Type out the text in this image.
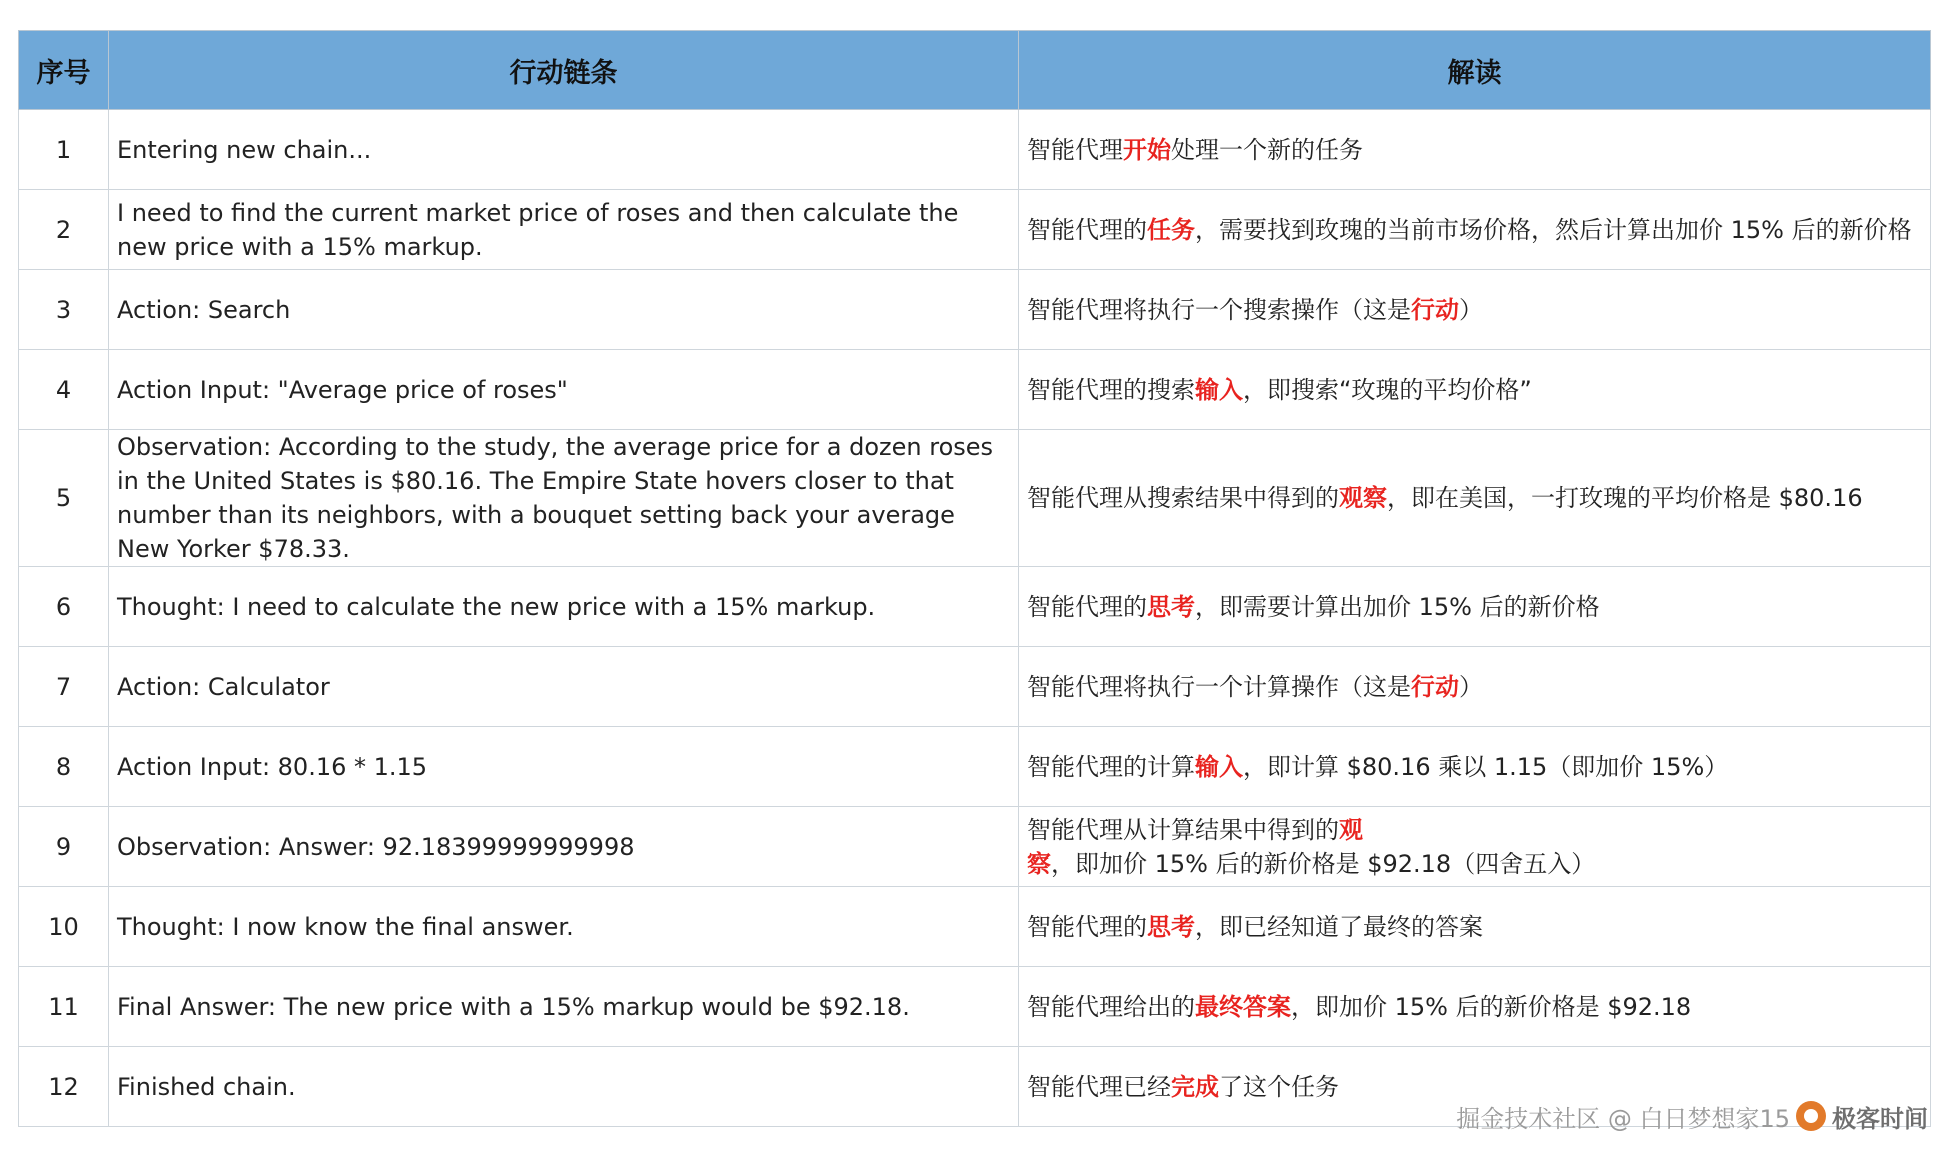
序号	行动链条	解读
1	Entering new chain...	智能代理开始处理一个新的任务
2	I need to find the current market price of roses and then calculate the new price with a 15% markup.	智能代理的任务，需要找到玫瑰的当前市场价格，然后计算出加价 15% 后的新价格
3	Action: Search	智能代理将执行一个搜索操作（这是行动）
4	Action Input: "Average price of roses"	智能代理的搜索输入，即搜索“玫瑰的平均价格”
5	Observation: According to the study, the average price for a dozen roses in the United States is $80.16. The Empire State hovers closer to that number than its neighbors, with a bouquet setting back your average New Yorker $78.33.	智能代理从搜索结果中得到的观察，即在美国，一打玫瑰的平均价格是 $80.16
6	Thought: I need to calculate the new price with a 15% markup.	智能代理的思考，即需要计算出加价 15% 后的新价格
7	Action: Calculator	智能代理将执行一个计算操作（这是行动）
8	Action Input: 80.16 * 1.15	智能代理的计算输入，即计算 $80.16 乘以 1.15（即加价 15%）
9	Observation: Answer: 92.18399999999998	智能代理从计算结果中得到的观察，即加价 15% 后的新价格是 $92.18（四舍五入）
10	Thought: I now know the final answer.	智能代理的思考，即已经知道了最终的答案
11	Final Answer: The new price with a 15% markup would be $92.18.	智能代理给出的最终答案，即加价 15% 后的新价格是 $92.18
12	Finished chain.	智能代理已经完成了这个任务
掘金技术社区 @ 白日梦想家15 极客时间
